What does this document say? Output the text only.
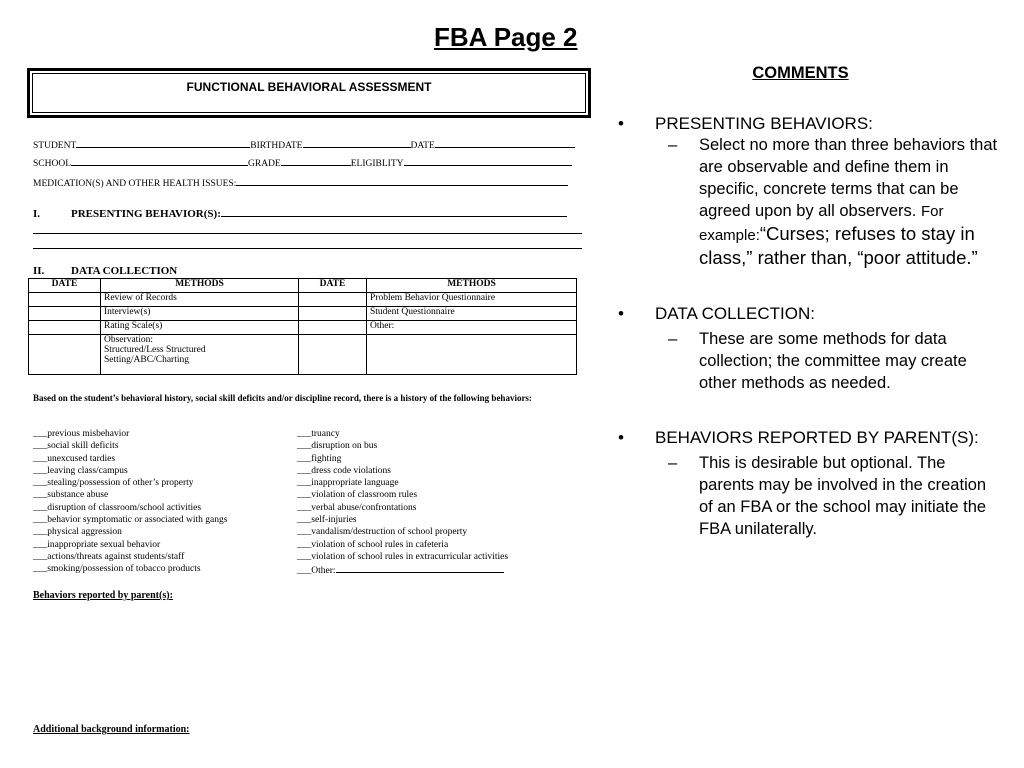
FBA Page 2
FUNCTIONAL BEHAVIORAL ASSESSMENT
STUDENT	BIRTHDATE	DATE
SCHOOL	GRADE	ELIGIBLITY
MEDICATION(S) AND OTHER HEALTH ISSUES:
I.	PRESENTING BEHAVIOR(S):
II. DATA COLLECTION
DATE	METHODS	DATE	METHODS
	Review of Records		Problem Behavior Questionnaire
	Interview(s)		Student Questionnaire
	Rating Scale(s)		Other:

	Observation:
Structured/Less Structured
Setting/ABC/Charting		

Based on the student’s behavioral history, social skill deficits and/or discipline record, there is a history of the following behaviors:
___previous misbehavior
___social skill deficits
___unexcused tardies
___leaving class/campus
___stealing/possession of other’s property
___substance abuse
___disruption of classroom/school activities
___behavior symptomatic or associated with gangs
___physical aggression
___inappropriate sexual behavior
___actions/threats against students/staff
___smoking/possession of tobacco products
___truancy
___disruption on bus
___fighting
___dress code violations
___inappropriate language
___violation of classroom rules
___verbal abuse/confrontations
___self-injuries
___vandalism/destruction of school property
___violation of school rules in cafeteria
___violation of school rules in extracurricular activities
___Other:
Behaviors reported by parent(s):
Additional background information:
COMMENTS
• PRESENTING BEHAVIORS:
– Select no more than three behaviors that are observable and define them in specific, concrete terms that can be agreed upon by all observers. For example:“Curses; refuses to stay in class,” rather than, “poor attitude.”
• DATA COLLECTION:
– These are some methods for data collection; the committee may create other methods as needed.
• BEHAVIORS REPORTED BY PARENT(S):
– This is desirable but optional. The parents may be involved in the creation of an FBA or the school may initiate the FBA unilaterally.
